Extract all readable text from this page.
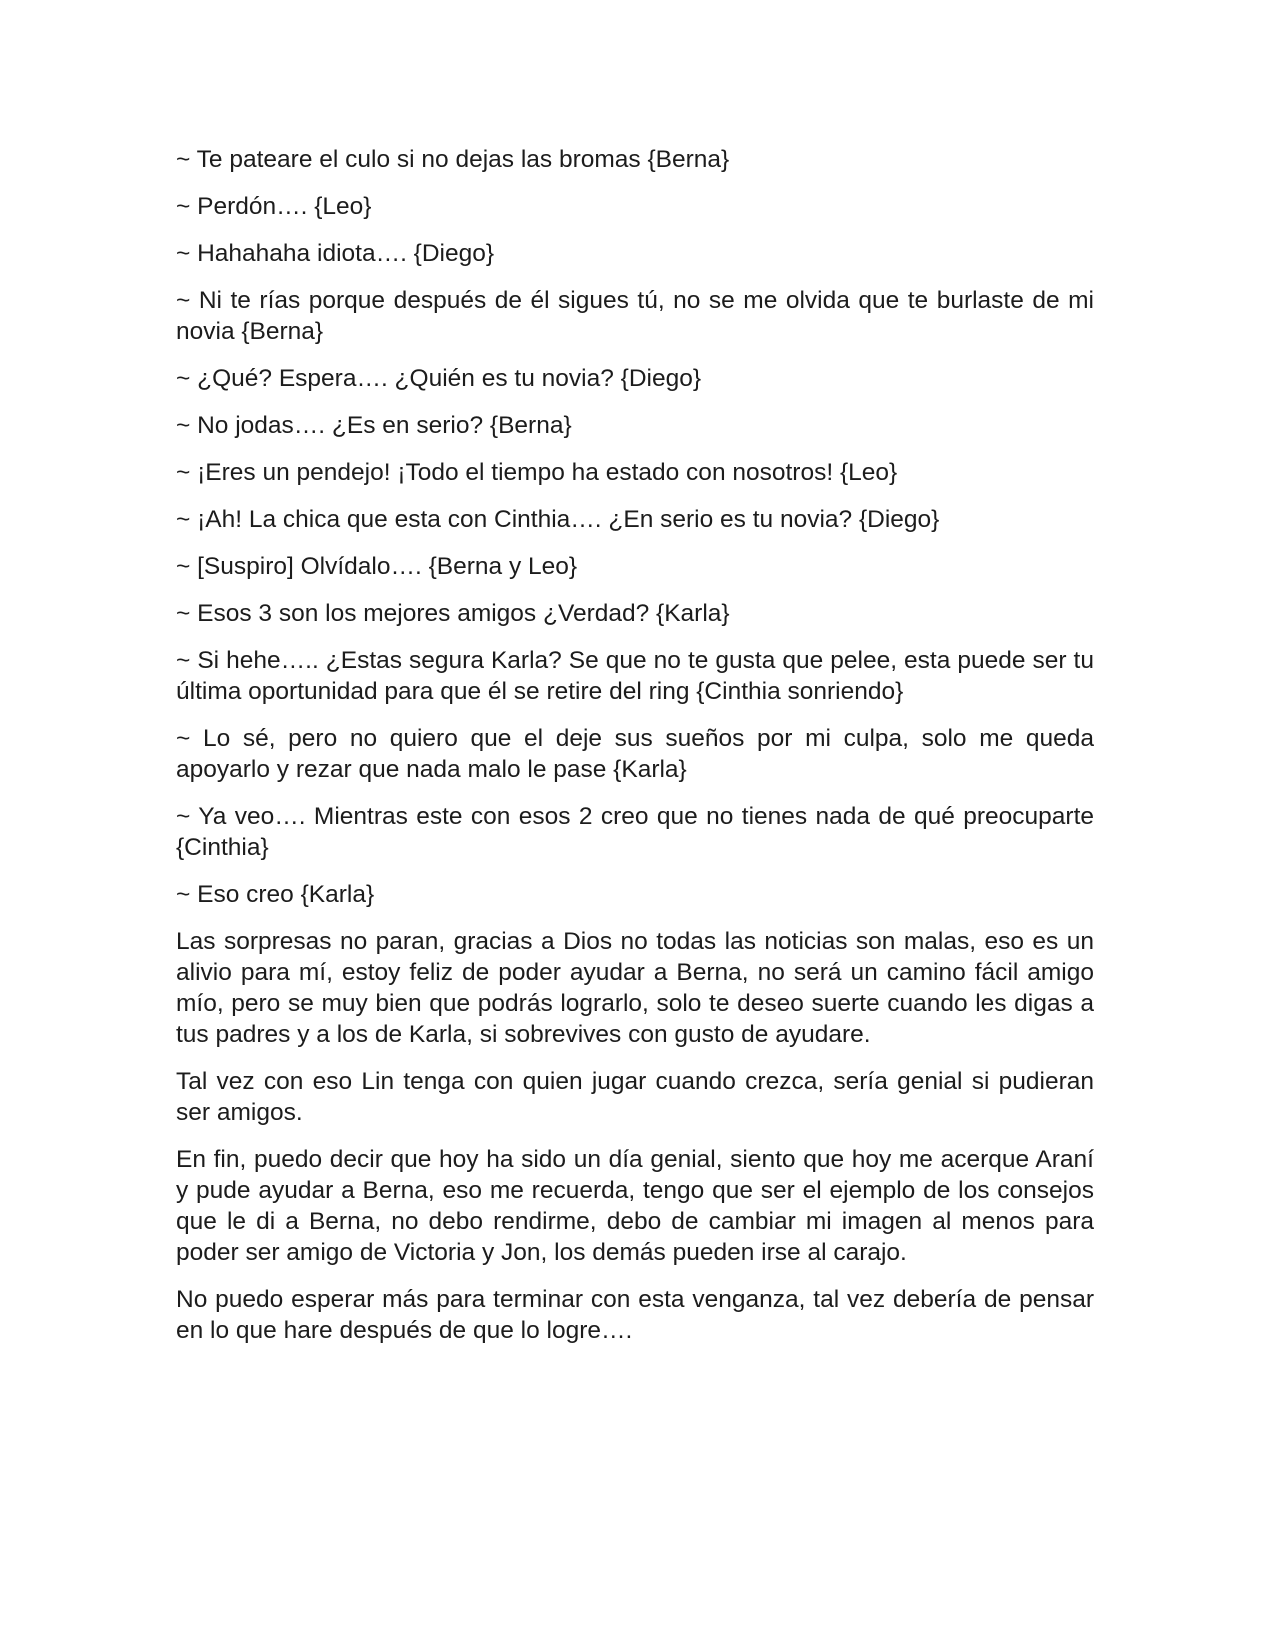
~ Te pateare el culo si no dejas las bromas {Berna}

~ Perdón…. {Leo}

~ Hahahaha idiota…. {Diego}

~ Ni te rías porque después de él sigues tú, no se me olvida que te burlaste de mi novia {Berna}

~ ¿Qué? Espera…. ¿Quién es tu novia? {Diego}

~ No jodas…. ¿Es en serio? {Berna}

~ ¡Eres un pendejo! ¡Todo el tiempo ha estado con nosotros! {Leo}

~ ¡Ah! La chica que esta con Cinthia…. ¿En serio es tu novia? {Diego}

~ [Suspiro] Olvídalo…. {Berna y Leo}

~ Esos 3 son los mejores amigos ¿Verdad? {Karla}

~ Si hehe….. ¿Estas segura Karla? Se que no te gusta que pelee, esta puede ser tu última oportunidad para que él se retire del ring {Cinthia sonriendo}

~ Lo sé, pero no quiero que el deje sus sueños por mi culpa, solo me queda apoyarlo y rezar que nada malo le pase {Karla}

~ Ya veo…. Mientras este con esos 2 creo que no tienes nada de qué preocuparte {Cinthia}

~ Eso creo {Karla}

Las sorpresas no paran, gracias a Dios no todas las noticias son malas, eso es un alivio para mí, estoy feliz de poder ayudar a Berna, no será un camino fácil amigo mío, pero se muy bien que podrás lograrlo, solo te deseo suerte cuando les digas a tus padres y a los de Karla, si sobrevives con gusto de ayudare.

Tal vez con eso Lin tenga con quien jugar cuando crezca, sería genial si pudieran ser amigos.

En fin, puedo decir que hoy ha sido un día genial, siento que hoy me acerque Araní y pude ayudar a Berna, eso me recuerda, tengo que ser el ejemplo de los consejos que le di a Berna, no debo rendirme, debo de cambiar mi imagen al menos para poder ser amigo de Victoria y Jon, los demás pueden irse al carajo.

No puedo esperar más para terminar con esta venganza, tal vez debería de pensar en lo que hare después de que lo logre….
